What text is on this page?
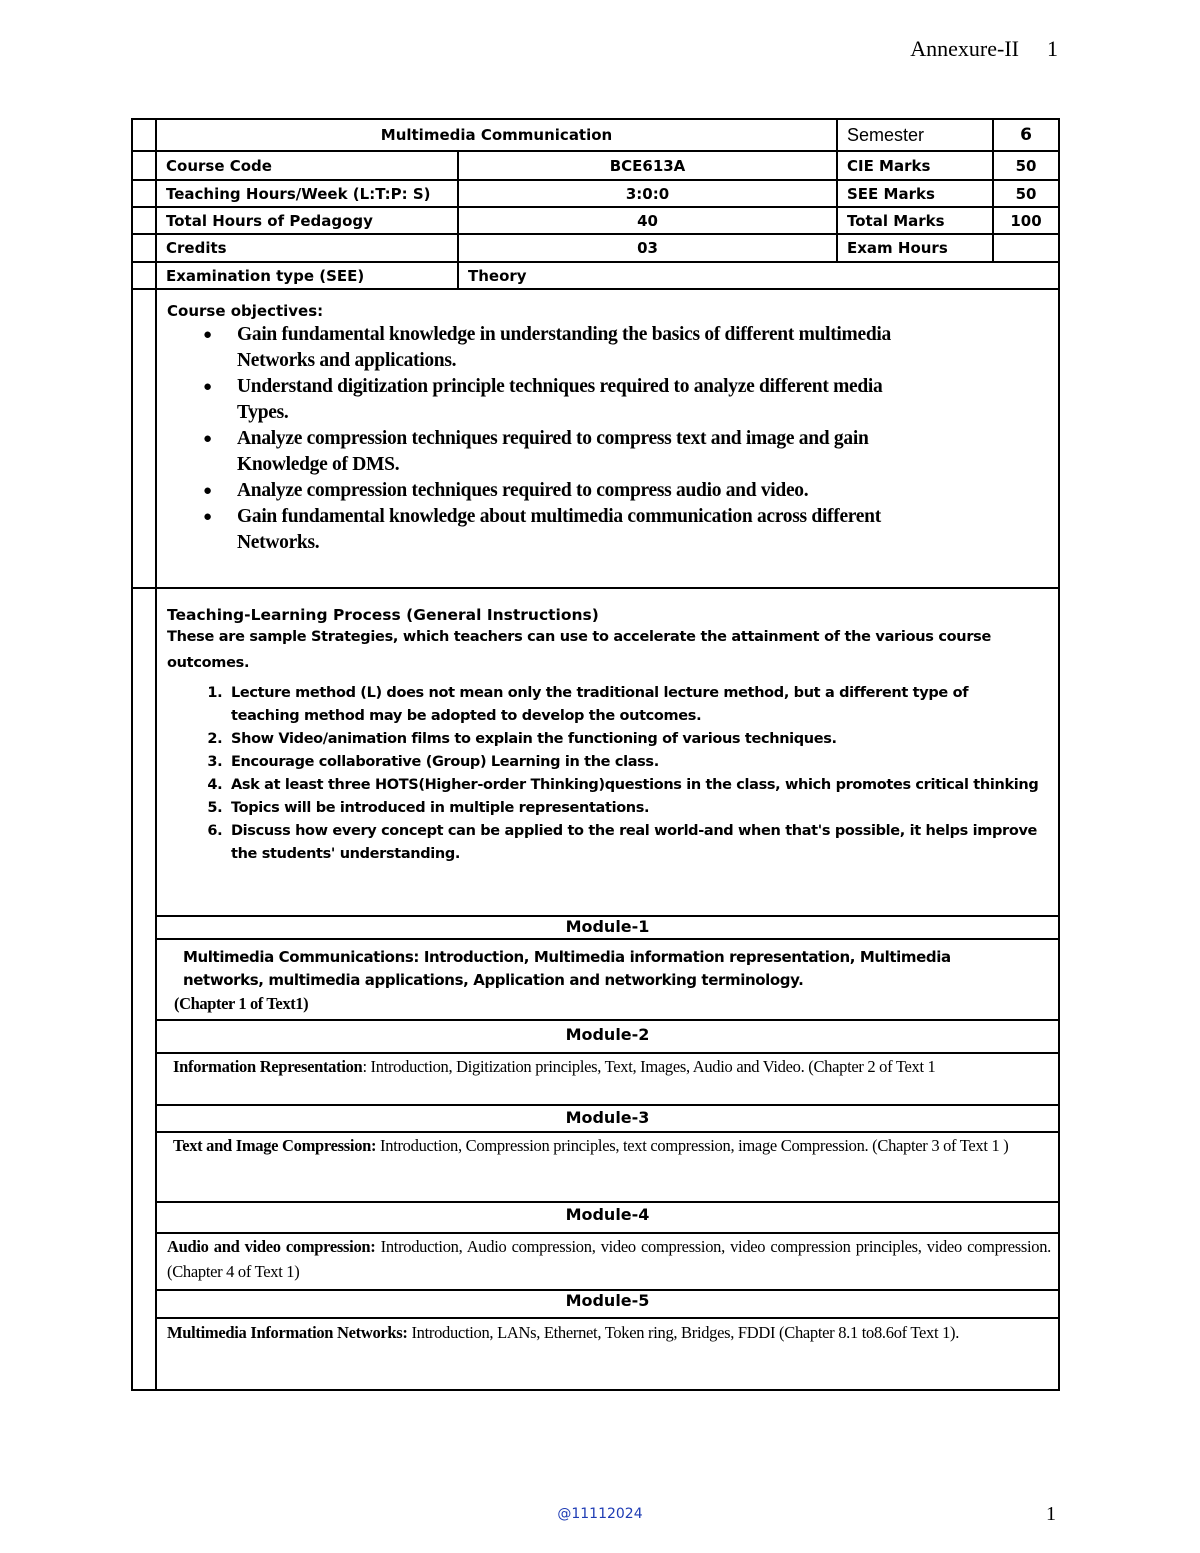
Annexure-II 1
Multimedia Communication	Semester	6
Course Code	BCE613A	CIE Marks	50
Teaching Hours/Week (L:T:P: S)	3:0:0	SEE Marks	50
Total Hours of Pedagogy	40	Total Marks	100
Credits	03	Exam Hours
Examination type (SEE)	Theory
Course objectives:
● Gain fundamental knowledge in understanding the basics of different multimedia
Networks and applications.
● Understand digitization principle techniques required to analyze different media
Types.
● Analyze compression techniques required to compress text and image and gain
Knowledge of DMS.
● Analyze compression techniques required to compress audio and video.
● Gain fundamental knowledge about multimedia communication across different
Networks.
Teaching-Learning Process (General Instructions)
These are sample Strategies, which teachers can use to accelerate the attainment of the various course outcomes.
1. Lecture method (L) does not mean only the traditional lecture method, but a different type of teaching method may be adopted to develop the outcomes.
2. Show Video/animation films to explain the functioning of various techniques.
3. Encourage collaborative (Group) Learning in the class.
4. Ask at least three HOTS(Higher-order Thinking)questions in the class, which promotes critical thinking
5. Topics will be introduced in multiple representations.
6. Discuss how every concept can be applied to the real world-and when that's possible, it helps improve the students' understanding.
Module-1
Multimedia Communications: Introduction, Multimedia information representation, Multimedia networks, multimedia applications, Application and networking terminology.
(Chapter 1 of Text1)
Module-2
Information Representation: Introduction, Digitization principles, Text, Images, Audio and Video. (Chapter 2 of Text 1
Module-3
Text and Image Compression: Introduction, Compression principles, text compression, image Compression. (Chapter 3 of Text 1 )
Module-4
Audio and video compression: Introduction, Audio compression, video compression, video compression principles, video compression. (Chapter 4 of Text 1)
Module-5
Multimedia Information Networks: Introduction, LANs, Ethernet, Token ring, Bridges, FDDI (Chapter 8.1 to8.6of Text 1).
@11112024	1
